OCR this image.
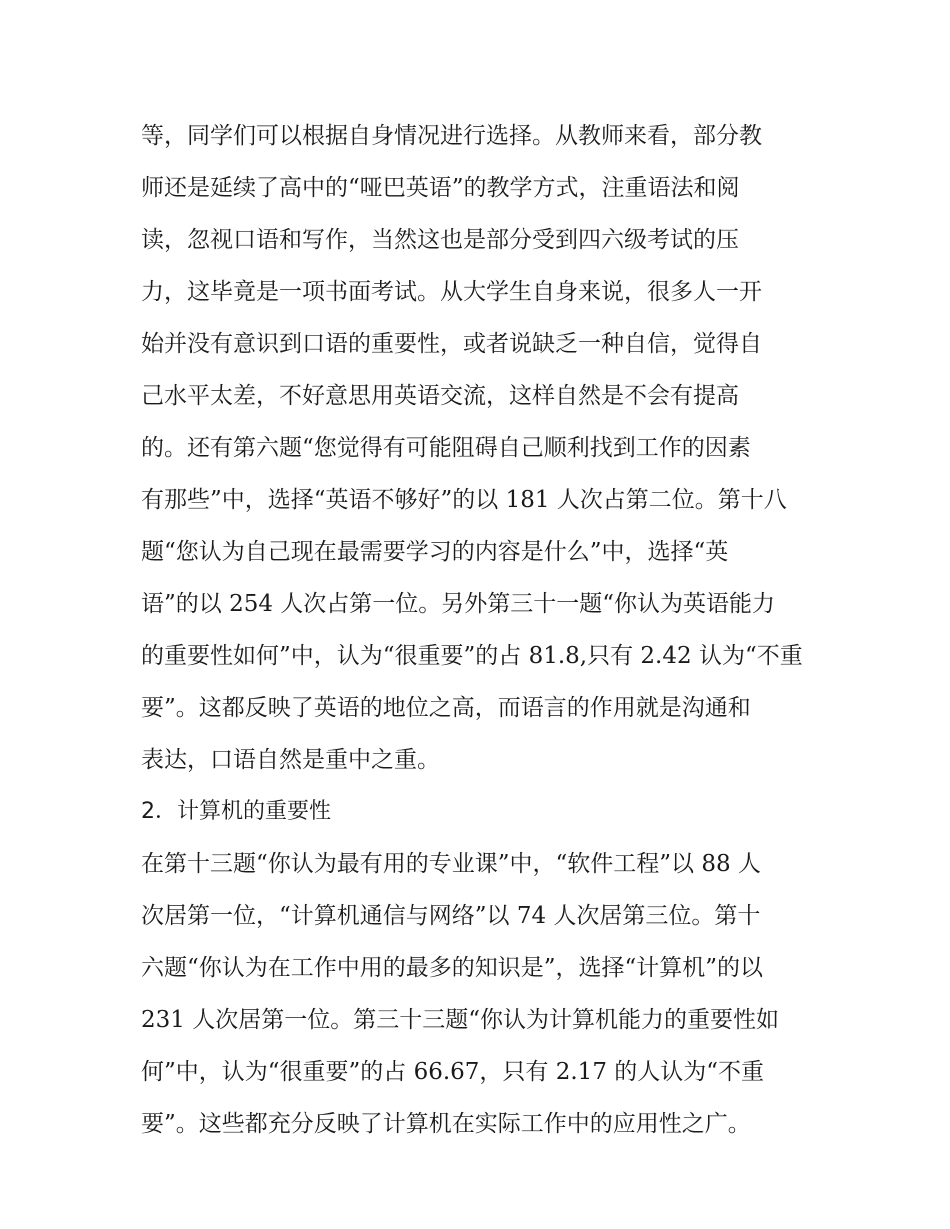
等，同学们可以根据自身情况进行选择。从教师来看，部分教
师还是延续了高中的“哑巴英语”的教学方式，注重语法和阅
读，忽视口语和写作，当然这也是部分受到四六级考试的压
力，这毕竟是一项书面考试。从大学生自身来说，很多人一开
始并没有意识到口语的重要性，或者说缺乏一种自信，觉得自
己水平太差，不好意思用英语交流，这样自然是不会有提高
的。还有第六题“您觉得有可能阻碍自己顺利找到工作的因素
有那些”中，选择“英语不够好”的以 181 人次占第二位。第十八
题“您认为自己现在最需要学习的内容是什么”中，选择“英
语”的以 254 人次占第一位。另外第三十一题“你认为英语能力
的重要性如何”中，认为“很重要”的占 81.8,只有 2.42 认为“不重
要”。这都反映了英语的地位之高，而语言的作用就是沟通和
表达，口语自然是重中之重。
2．计算机的重要性
在第十三题“你认为最有用的专业课”中，“软件工程”以 88 人
次居第一位，“计算机通信与网络”以 74 人次居第三位。第十
六题“你认为在工作中用的最多的知识是”，选择“计算机”的以
231 人次居第一位。第三十三题“你认为计算机能力的重要性如
何”中，认为“很重要”的占 66.67，只有 2.17 的人认为“不重
要”。这些都充分反映了计算机在实际工作中的应用性之广。
